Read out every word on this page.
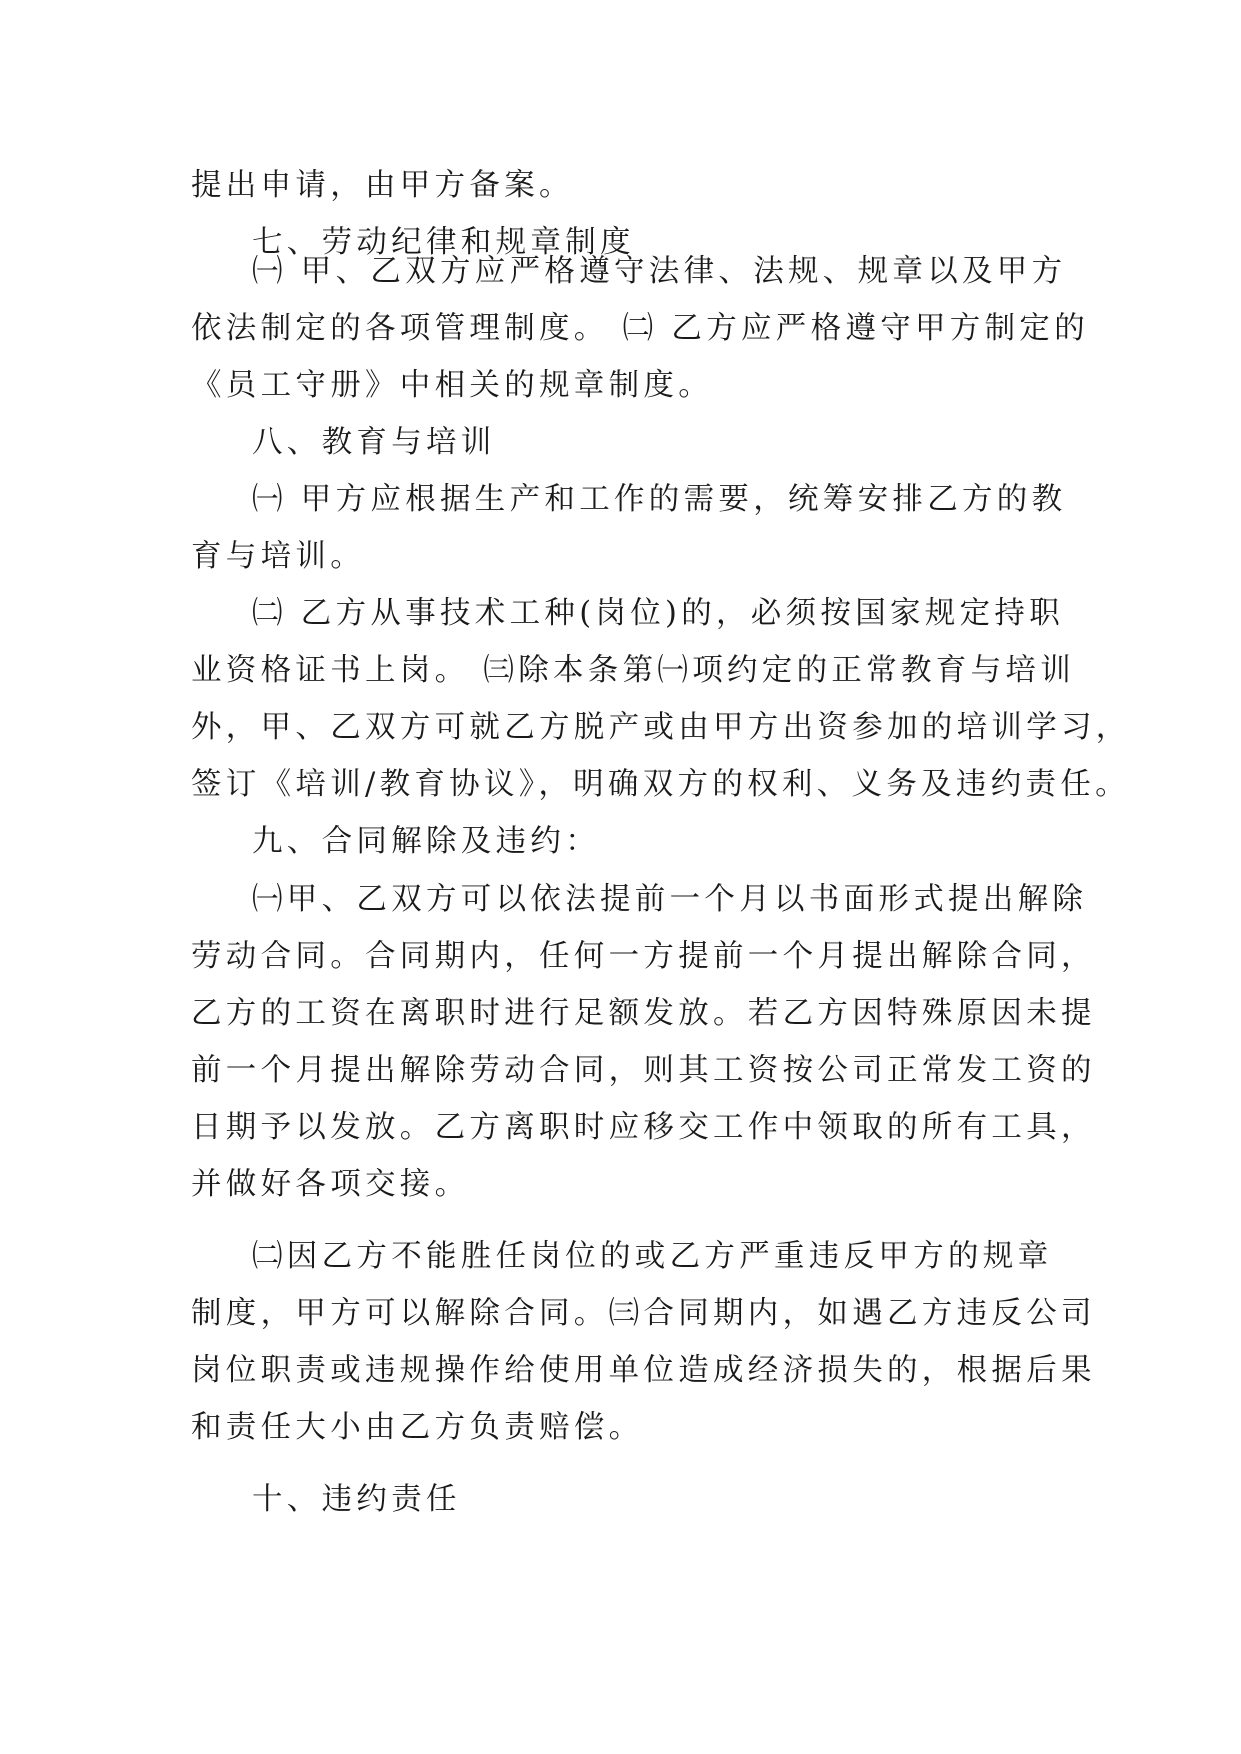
提出申请，由甲方备案。
七、劳动纪律和规章制度
㈠ 甲、乙双方应严格遵守法律、法规、规章以及甲方
依法制定的各项管理制度。 ㈡ 乙方应严格遵守甲方制定的
《员工守册》中相关的规章制度。
八、教育与培训
㈠ 甲方应根据生产和工作的需要，统筹安排乙方的教
育与培训。
㈡ 乙方从事技术工种(岗位)的，必须按国家规定持职
业资格证书上岗。 ㈢除本条第㈠项约定的正常教育与培训
外，甲、乙双方可就乙方脱产或由甲方出资参加的培训学习，
签订《培训/教育协议》，明确双方的权利、义务及违约责任。
九、合同解除及违约：
㈠甲、乙双方可以依法提前一个月以书面形式提出解除
劳动合同。合同期内，任何一方提前一个月提出解除合同，
乙方的工资在离职时进行足额发放。若乙方因特殊原因未提
前一个月提出解除劳动合同，则其工资按公司正常发工资的
日期予以发放。乙方离职时应移交工作中领取的所有工具，
并做好各项交接。
㈡因乙方不能胜任岗位的或乙方严重违反甲方的规章
制度，甲方可以解除合同。㈢合同期内，如遇乙方违反公司
岗位职责或违规操作给使用单位造成经济损失的，根据后果
和责任大小由乙方负责赔偿。
十、违约责任
